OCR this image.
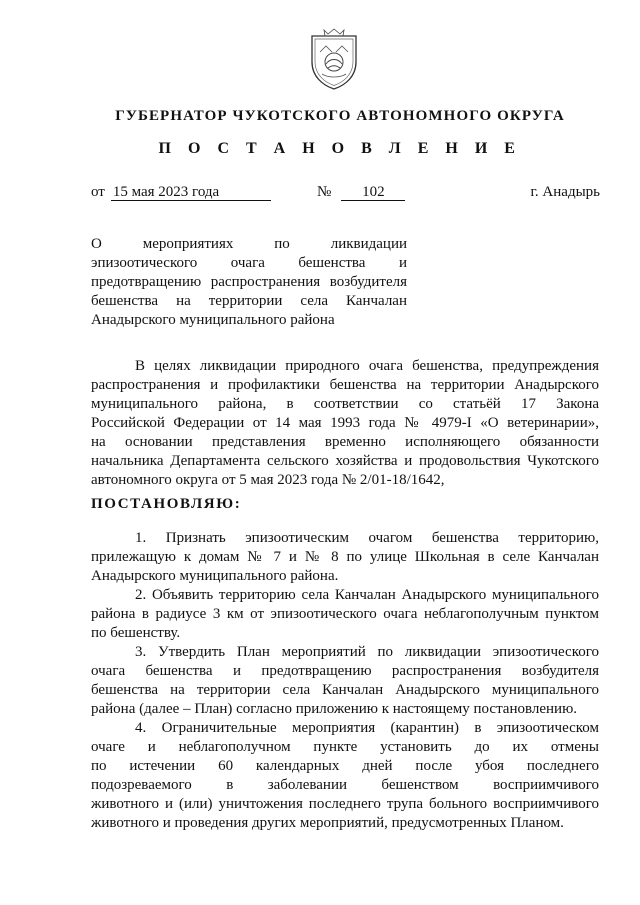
ГУБЕРНАТОР ЧУКОТСКОГО АВТОНОМНОГО ОКРУГА
П О С Т А Н О В Л Е Н И Е
от 15 мая 2023 года	№ 102	г. Анадырь
О мероприятиях по ликвидации
эпизоотического очага бешенства и
предотвращению распространения возбудителя
бешенства на территории села Канчалан
Анадырского муниципального района
В целях ликвидации природного очага бешенства, предупреждения
распространения и профилактики бешенства на территории Анадырского
муниципального района, в соответствии со статьёй 17 Закона
Российской Федерации от 14 мая 1993 года № 4979-I «О ветеринарии»,
на основании представления временно исполняющего обязанности
начальника Департамента сельского хозяйства и продовольствия Чукотского
автономного округа от 5 мая 2023 года № 2/01-18/1642,
ПОСТАНОВЛЯЮ:
1. Признать эпизоотическим очагом бешенства территорию,
прилежащую к домам № 7 и № 8 по улице Школьная в селе Канчалан
Анадырского муниципального района.
2. Объявить территорию села Канчалан Анадырского муниципального
района в радиусе 3 км от эпизоотического очага неблагополучным пунктом
по бешенству.
3. Утвердить План мероприятий по ликвидации эпизоотического
очага бешенства и предотвращению распространения возбудителя
бешенства на территории села Канчалан Анадырского муниципального
района (далее – План) согласно приложению к настоящему постановлению.
4. Ограничительные мероприятия (карантин) в эпизоотическом
очаге и неблагополучном пункте установить до их отмены
по истечении 60 календарных дней после убоя последнего
подозреваемого в заболевании бешенством восприимчивого
животного и (или) уничтожения последнего трупа больного восприимчивого
животного и проведения других мероприятий, предусмотренных Планом.
